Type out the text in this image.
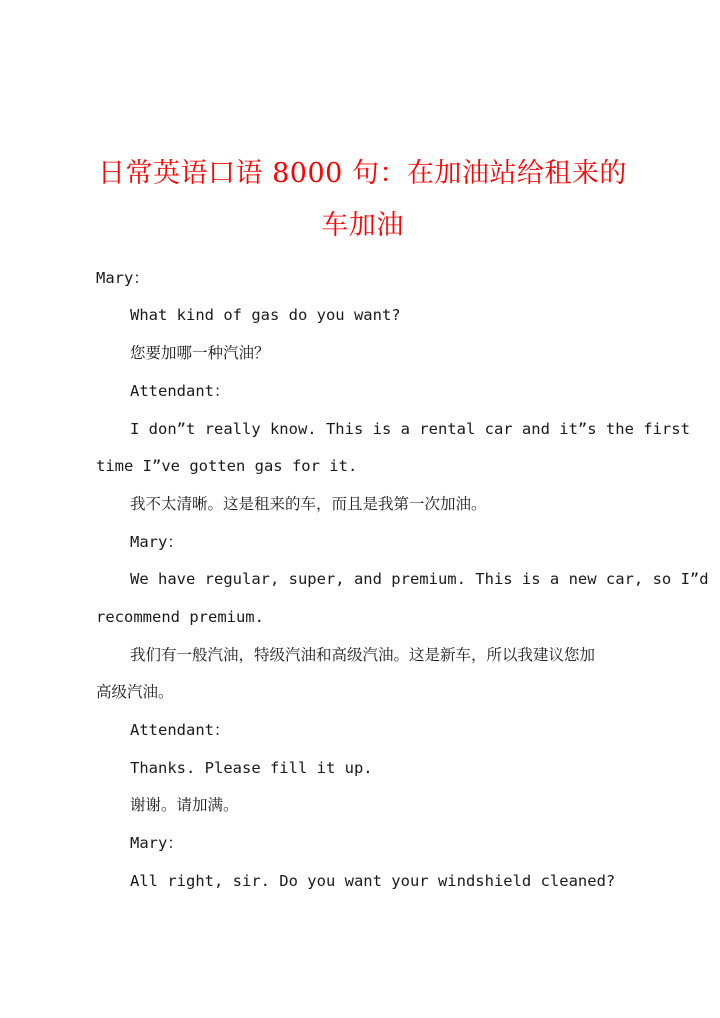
日常英语口语 8000 句：在加油站给租来的车加油
Mary：
What kind of gas do you want?
您要加哪一种汽油？
Attendant：
I don”t really know. This is a rental car and it”s the first
time I”ve gotten gas for it.
我不太清晰。这是租来的车，而且是我第一次加油。
Mary：
We have regular, super, and premium. This is a new car, so I”d
recommend premium.
我们有一般汽油，特级汽油和高级汽油。这是新车，所以我建议您加
高级汽油。
Attendant：
Thanks. Please fill it up.
谢谢。请加满。
Mary：
All right, sir. Do you want your windshield cleaned?
